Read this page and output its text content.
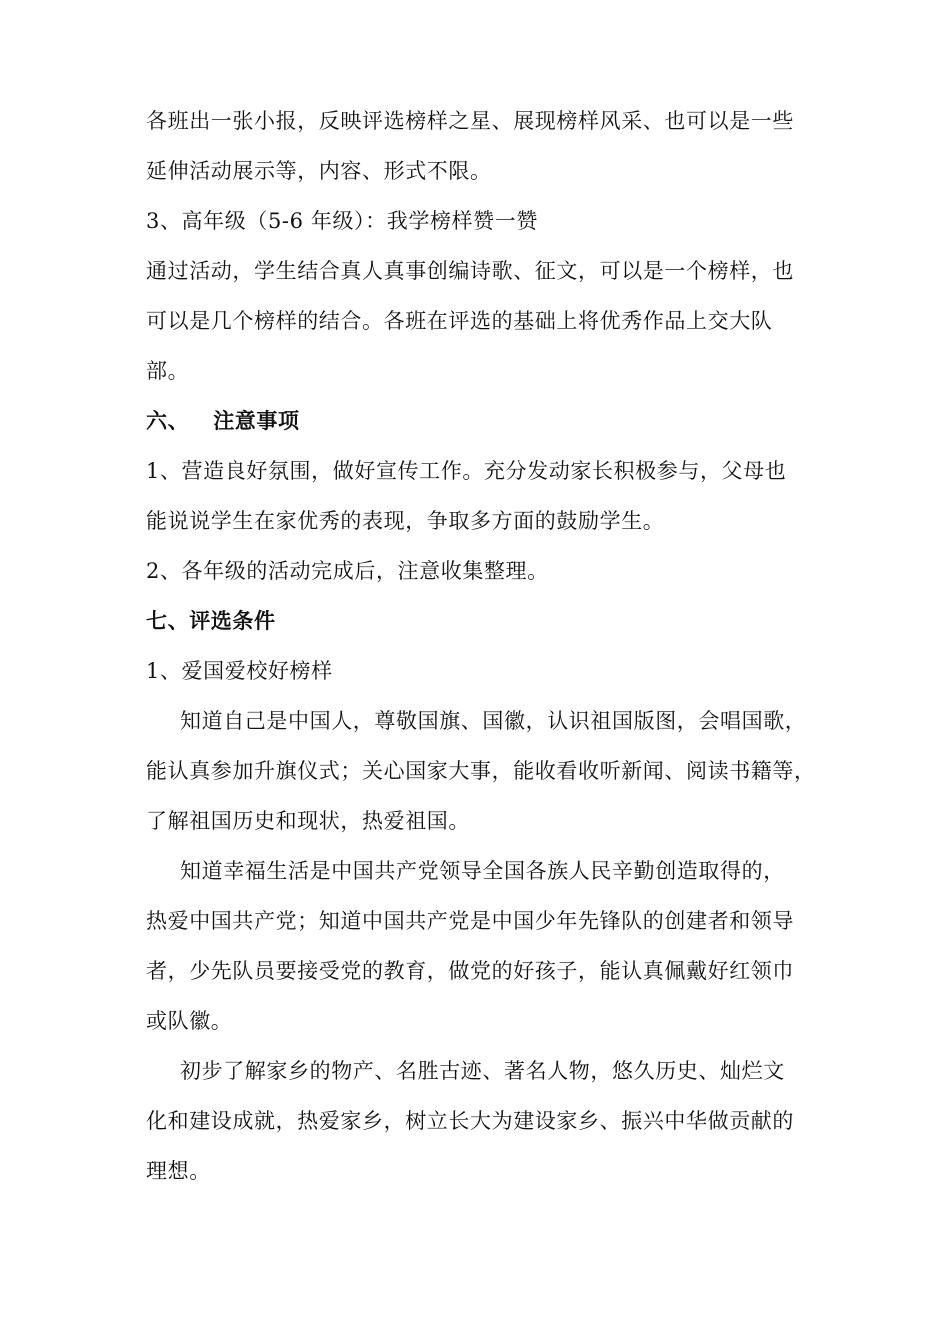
各班出一张小报，反映评选榜样之星、展现榜样风采、也可以是一些
延伸活动展示等，内容、形式不限。
3、高年级（5-6 年级）：我学榜样赞一赞
通过活动，学生结合真人真事创编诗歌、征文，可以是一个榜样，也
可以是几个榜样的结合。各班在评选的基础上将优秀作品上交大队
部。
六、 注意事项
1、营造良好氛围，做好宣传工作。充分发动家长积极参与，父母也
能说说学生在家优秀的表现，争取多方面的鼓励学生。
2、各年级的活动完成后，注意收集整理。
七、评选条件
1、爱国爱校好榜样
知道自己是中国人，尊敬国旗、国徽，认识祖国版图，会唱国歌，
能认真参加升旗仪式；关心国家大事，能收看收听新闻、阅读书籍等，
了解祖国历史和现状，热爱祖国。
知道幸福生活是中国共产党领导全国各族人民辛勤创造取得的，
热爱中国共产党；知道中国共产党是中国少年先锋队的创建者和领导
者，少先队员要接受党的教育，做党的好孩子，能认真佩戴好红领巾
或队徽。
初步了解家乡的物产、名胜古迹、著名人物，悠久历史、灿烂文
化和建设成就，热爱家乡，树立长大为建设家乡、振兴中华做贡献的
理想。
